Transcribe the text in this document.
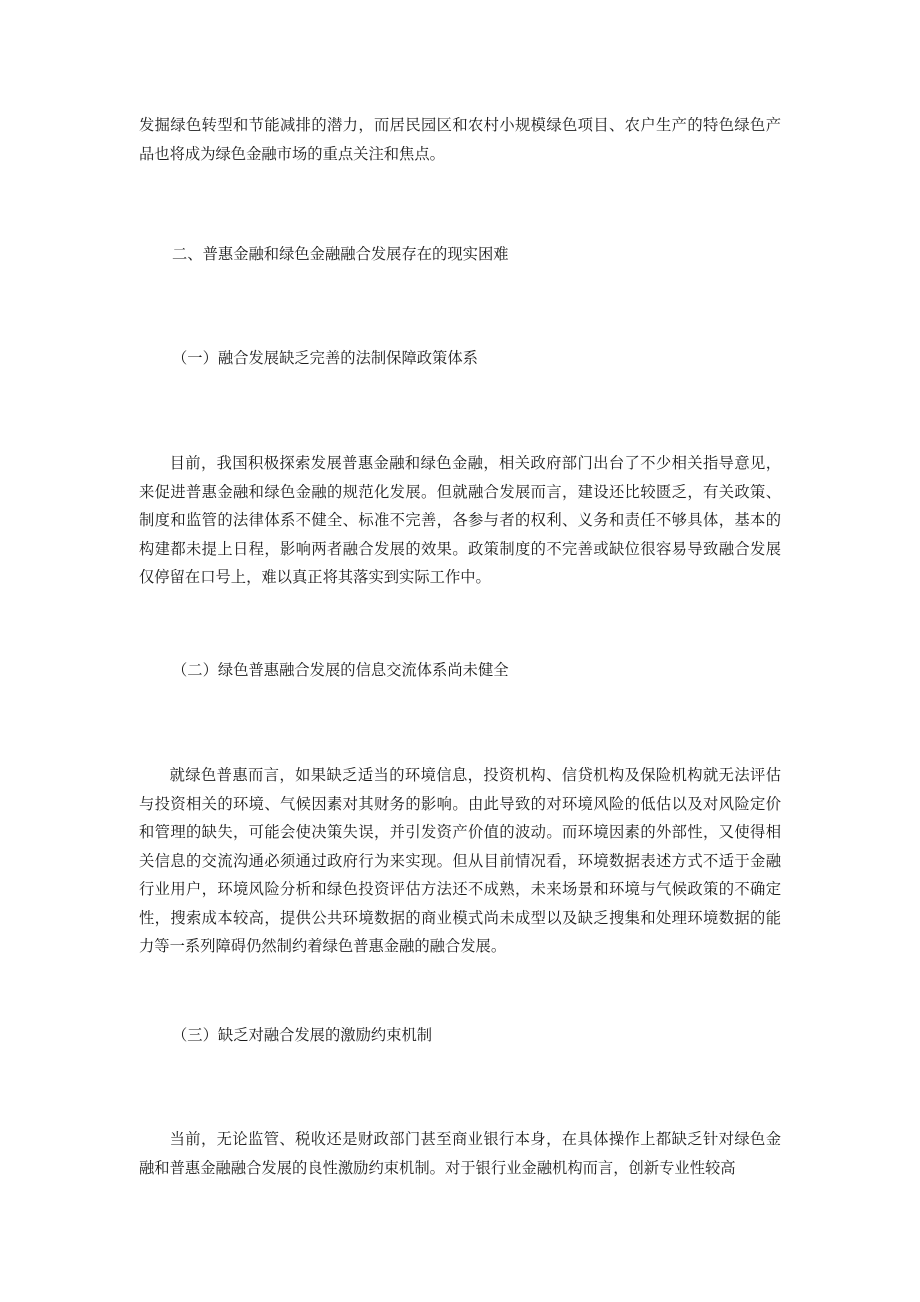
发掘绿色转型和节能减排的潜力，而居民园区和农村小规模绿色项目、农户生产的特色绿色产品也将成为绿色金融市场的重点关注和焦点。

二、普惠金融和绿色金融融合发展存在的现实困难

（一）融合发展缺乏完善的法制保障政策体系

目前，我国积极探索发展普惠金融和绿色金融，相关政府部门出台了不少相关指导意见，来促进普惠金融和绿色金融的规范化发展。但就融合发展而言，建设还比较匮乏，有关政策、制度和监管的法律体系不健全、标准不完善，各参与者的权利、义务和责任不够具体，基本的构建都未提上日程，影响两者融合发展的效果。政策制度的不完善或缺位很容易导致融合发展仅停留在口号上，难以真正将其落实到实际工作中。

（二）绿色普惠融合发展的信息交流体系尚未健全

就绿色普惠而言，如果缺乏适当的环境信息，投资机构、信贷机构及保险机构就无法评估与投资相关的环境、气候因素对其财务的影响。由此导致的对环境风险的低估以及对风险定价和管理的缺失，可能会使决策失误，并引发资产价值的波动。而环境因素的外部性，又使得相关信息的交流沟通必须通过政府行为来实现。但从目前情况看，环境数据表述方式不适于金融行业用户，环境风险分析和绿色投资评估方法还不成熟，未来场景和环境与气候政策的不确定性，搜索成本较高，提供公共环境数据的商业模式尚未成型以及缺乏搜集和处理环境数据的能力等一系列障碍仍然制约着绿色普惠金融的融合发展。

（三）缺乏对融合发展的激励约束机制

当前，无论监管、税收还是财政部门甚至商业银行本身，在具体操作上都缺乏针对绿色金融和普惠金融融合发展的良性激励约束机制。对于银行业金融机构而言，创新专业性较高
